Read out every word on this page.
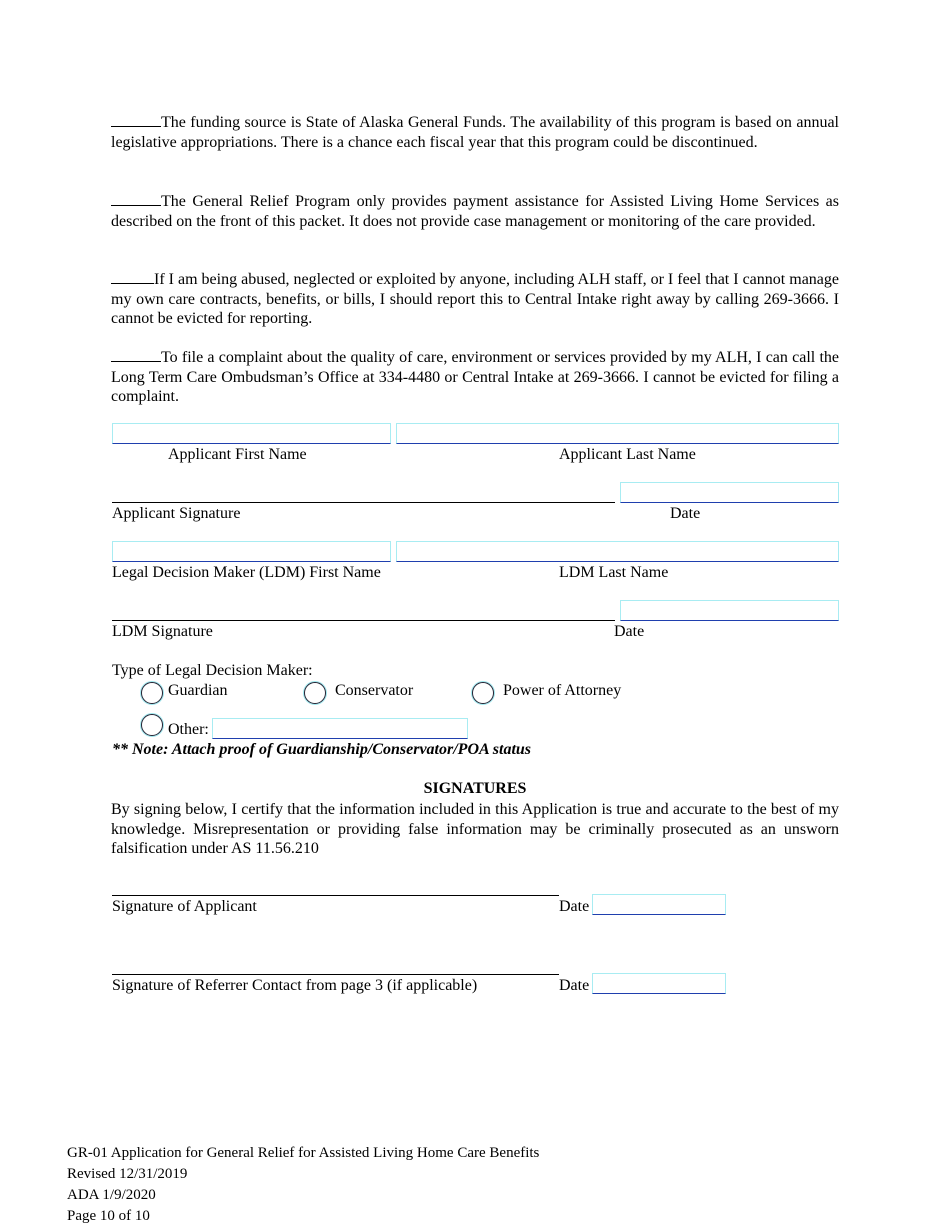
The funding source is State of Alaska General Funds. The availability of this program is based on annual legislative appropriations. There is a chance each fiscal year that this program could be discontinued.

The General Relief Program only provides payment assistance for Assisted Living Home Services as described on the front of this packet. It does not provide case management or monitoring of the care provided.

If I am being abused, neglected or exploited by anyone, including ALH staff, or I feel that I cannot manage my own care contracts, benefits, or bills, I should report this to Central Intake right away by calling 269-3666. I cannot be evicted for reporting.

To file a complaint about the quality of care, environment or services provided by my ALH, I can call the Long Term Care Ombudsman’s Office at 334-4480 or Central Intake at 269-3666. I cannot be evicted for filing a complaint.

Applicant First Name	Applicant Last Name
Applicant Signature	Date
Legal Decision Maker (LDM) First Name	LDM Last Name
LDM Signature	Date
Type of Legal Decision Maker:
Guardian	Conservator	Power of Attorney
Other:
** Note: Attach proof of Guardianship/Conservator/POA status
SIGNATURES

By signing below, I certify that the information included in this Application is true and accurate to the best of my knowledge. Misrepresentation or providing false information may be criminally prosecuted as an unsworn falsification under AS 11.56.210

Signature of Applicant	Date
Signature of Referrer Contact from page 3 (if applicable)	Date
GR-01 Application for General Relief for Assisted Living Home Care Benefits
Revised 12/31/2019
ADA 1/9/2020
Page 10 of 10
